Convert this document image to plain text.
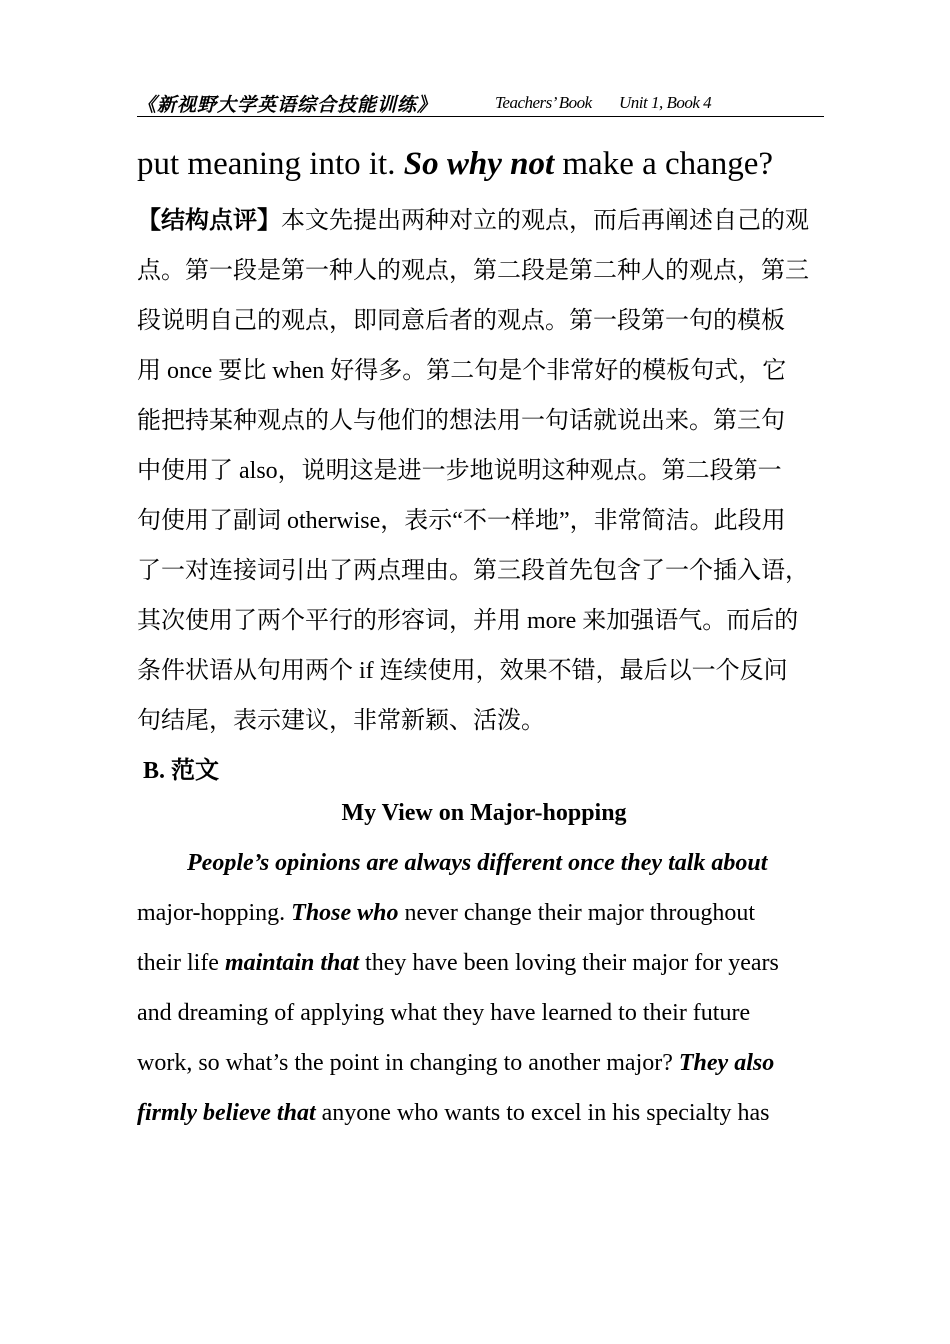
《新视野大学英语综合技能训练》	Teachers’ Book Unit 1, Book 4
put meaning into it. So why not make a change?
【结构点评】本文先提出两种对立的观点，而后再阐述自己的观
点。第一段是第一种人的观点，第二段是第二种人的观点，第三
段说明自己的观点，即同意后者的观点。第一段第一句的模板
用 once 要比 when 好得多。第二句是个非常好的模板句式，它
能把持某种观点的人与他们的想法用一句话就说出来。第三句
中使用了 also，说明这是进一步地说明这种观点。第二段第一
句使用了副词 otherwise，表示“不一样地”，非常简洁。此段用
了一对连接词引出了两点理由。第三段首先包含了一个插入语，
其次使用了两个平行的形容词，并用 more 来加强语气。而后的
条件状语从句用两个 if 连续使用，效果不错，最后以一个反问
句结尾，表示建议，非常新颖、活泼。
B. 范文
My View on Major-hopping
People’s opinions are always different once they talk about
major-hopping. Those who never change their major throughout
their life maintain that they have been loving their major for years
and dreaming of applying what they have learned to their future
work, so what’s the point in changing to another major? They also
firmly believe that anyone who wants to excel in his specialty has
